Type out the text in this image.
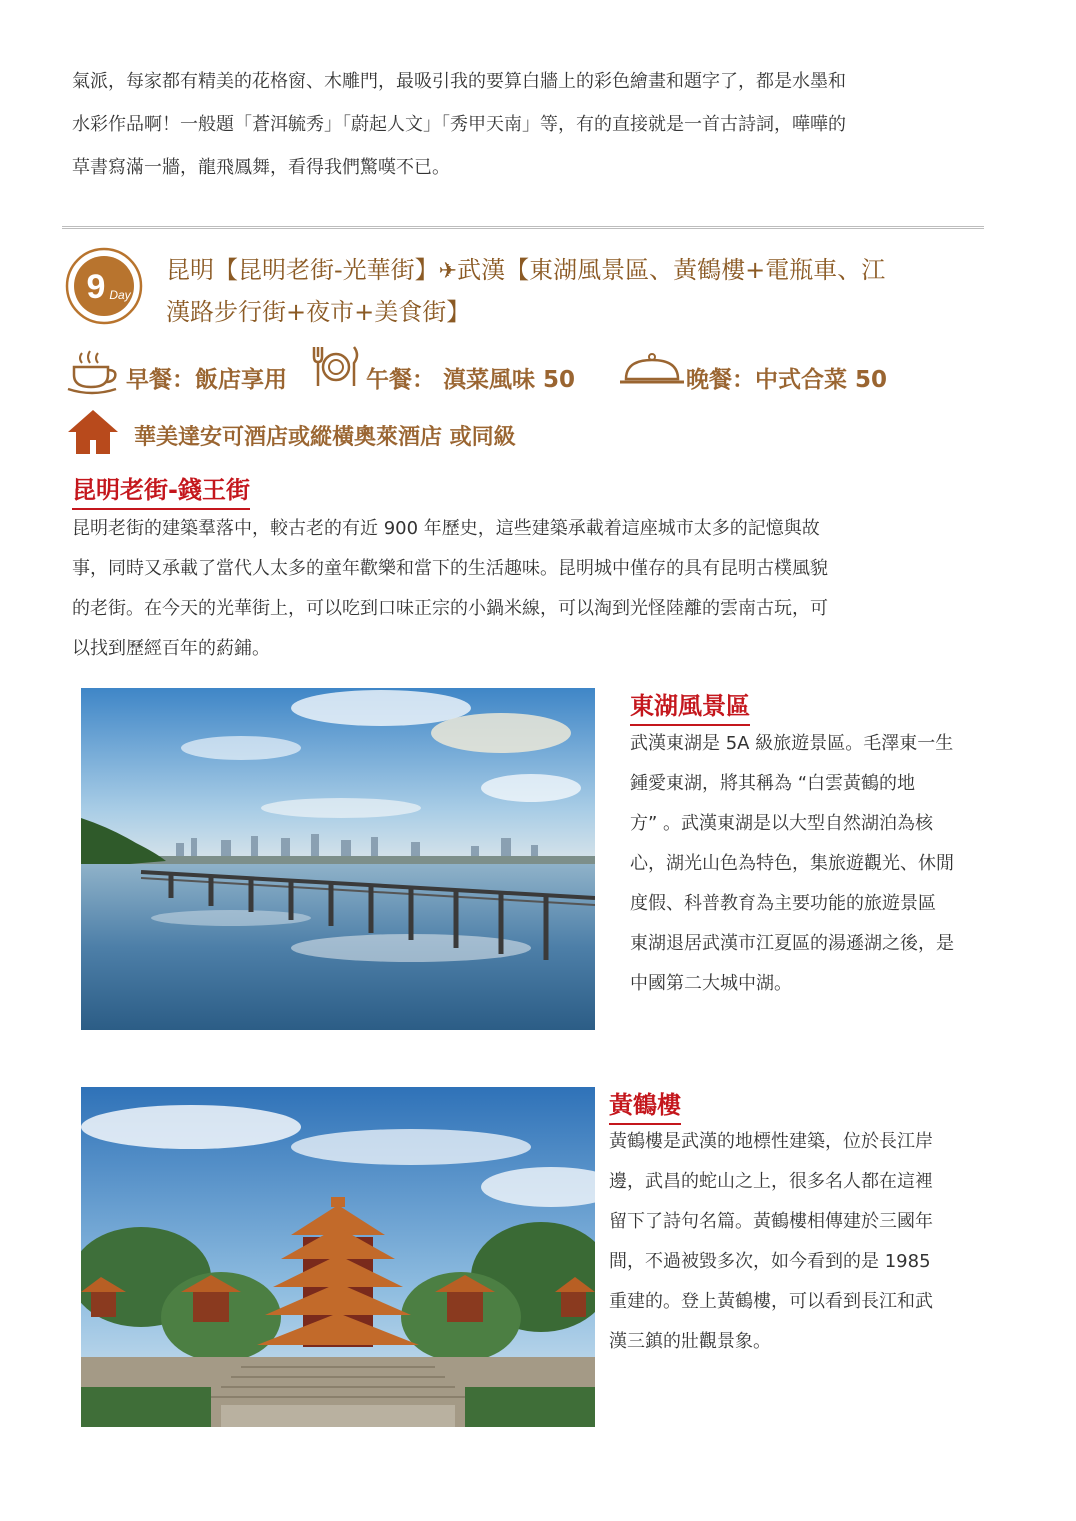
氣派，每家都有精美的花格窗、木雕門，最吸引我的要算白牆上的彩色繪畫和題字了，都是水墨和

水彩作品啊！一般題「蒼洱毓秀」「蔚起人文」「秀甲天南」等，有的直接就是一首古詩詞，嘩嘩的

草書寫滿一牆，龍飛鳳舞，看得我們驚嘆不已。

9 Day
昆明【昆明老街-光華街】✈武漢【東湖風景區、黃鶴樓+電瓶車、江
漢路步行街+夜市+美食街】
早餐：飯店享用	午餐： 滇菜風味 50	晚餐：中式合菜 50
華美達安可酒店或縱橫奧萊酒店 或同級
昆明老街-錢王街

昆明老街的建築羣落中，較古老的有近 900 年歷史，這些建築承載着這座城市太多的記憶與故

事，同時又承載了當代人太多的童年歡樂和當下的生活趣味。昆明城中僅存的具有昆明古樸風貌

的老街。在今天的光華街上，可以吃到口味正宗的小鍋米線，可以淘到光怪陸離的雲南古玩，可

以找到歷經百年的葯鋪。

東湖風景區

武漢東湖是 5A 級旅遊景區。毛澤東一生

鍾愛東湖，將其稱為 “白雲黃鶴的地

方” 。武漢東湖是以大型自然湖泊為核

心，湖光山色為特色，集旅遊觀光、休閒

度假、科普教育為主要功能的旅遊景區

東湖退居武漢市江夏區的湯遜湖之後，是

中國第二大城中湖。

黃鶴樓

黃鶴樓是武漢的地標性建築，位於長江岸

邊，武昌的蛇山之上，很多名人都在這裡

留下了詩句名篇。黃鶴樓相傳建於三國年

間，不過被毀多次，如今看到的是 1985

重建的。登上黃鶴樓，可以看到長江和武

漢三鎮的壯觀景象。
